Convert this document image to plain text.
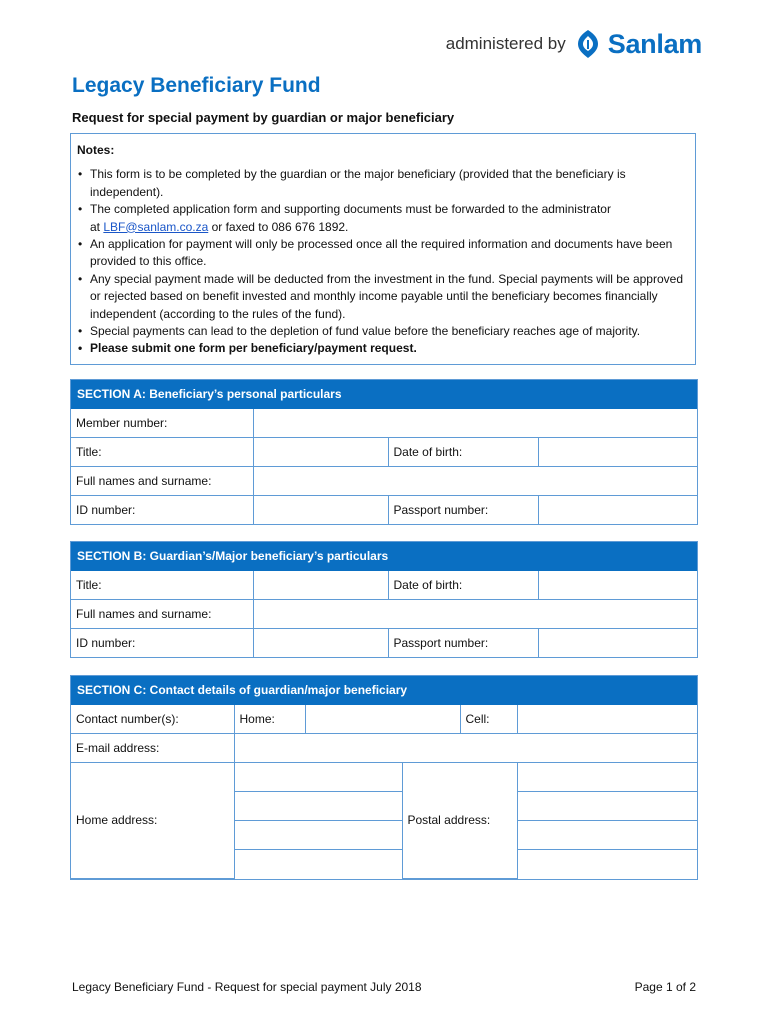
administered by Sanlam
Legacy Beneficiary Fund
Request for special payment by guardian or major beneficiary
Notes:
• This form is to be completed by the guardian or the major beneficiary (provided that the beneficiary is independent).
• The completed application form and supporting documents must be forwarded to the administrator
at LBF@sanlam.co.za or faxed to 086 676 1892.
• An application for payment will only be processed once all the required information and documents have been provided to this office.
• Any special payment made will be deducted from the investment in the fund. Special payments will be approved or rejected based on benefit invested and monthly income payable until the beneficiary becomes financially independent (according to the rules of the fund).
• Special payments can lead to the depletion of fund value before the beneficiary reaches age of majority.
• Please submit one form per beneficiary/payment request.
SECTION A: Beneficiary’s personal particulars
Member number:			
Title:		Date of birth:	
Full names and surname:			
ID number:		Passport number:	
SECTION B: Guardian’s/Major beneficiary’s particulars
Title:		Date of birth:	
Full names and surname:			
ID number:		Passport number:	
SECTION C: Contact details of guardian/major beneficiary
Contact number(s):	Home:			Cell:	
E-mail address:					
Home address:			Postal address:		

Legacy Beneficiary Fund - Request for special payment July 2018	Page 1 of 2
